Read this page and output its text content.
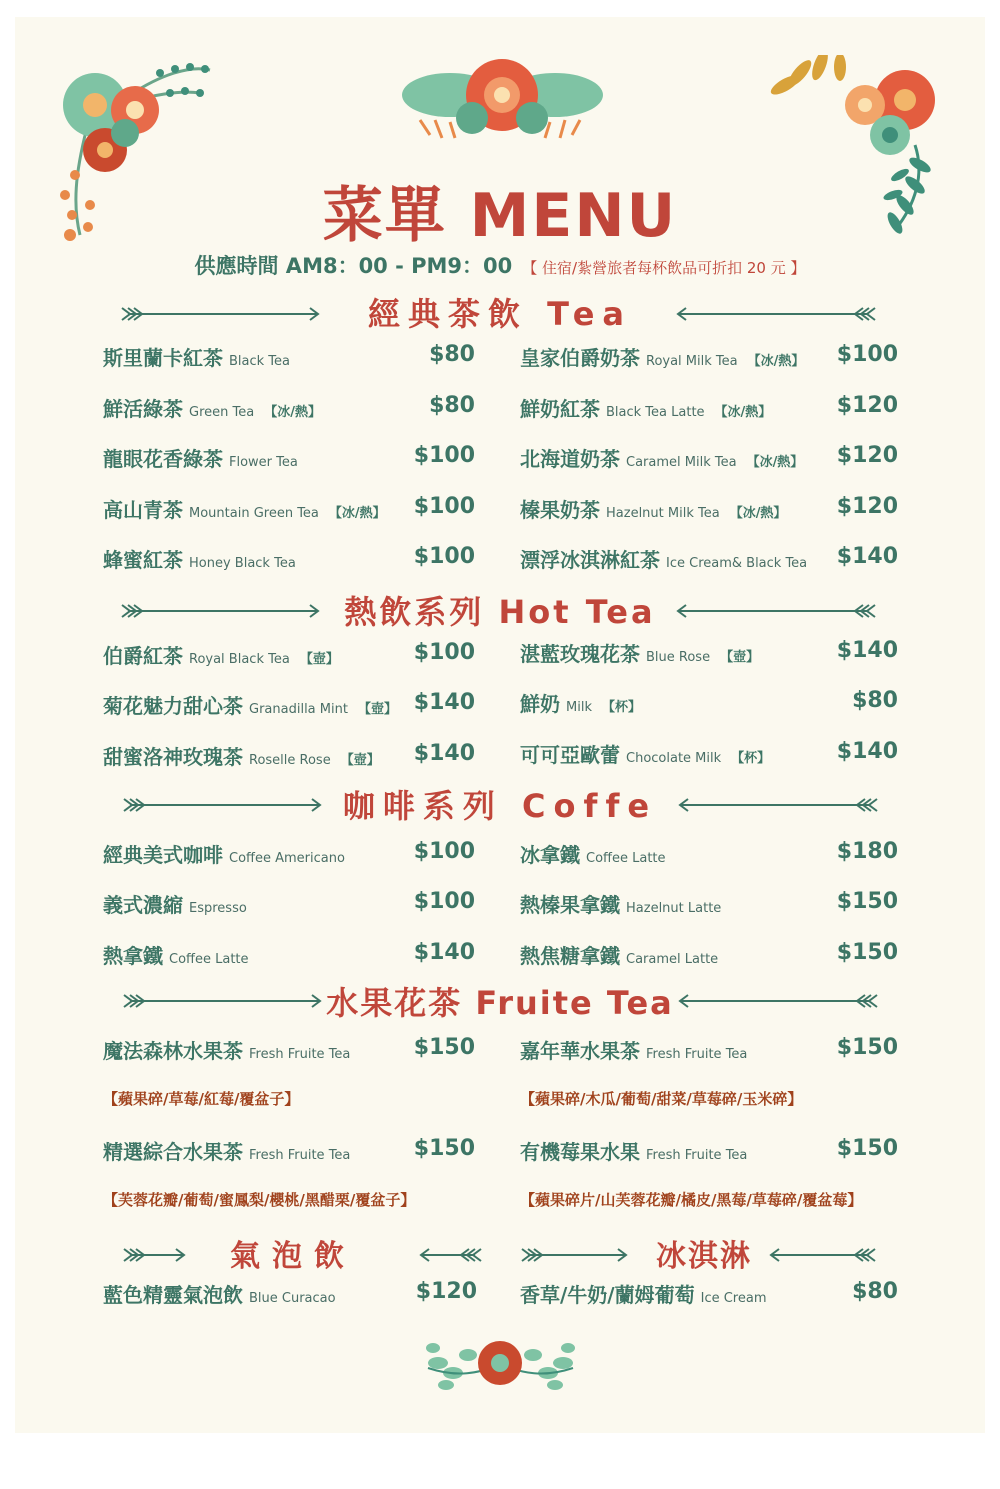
菜單 MENU
供應時間 AM8：00 - PM9：00 【 住宿/紮營旅者每杯飲品可折扣 20 元 】
經典茶飲 Tea
斯里蘭卡紅茶 Black Tea	$80
鮮活綠茶 Green Tea 【冰/熱】	$80
龍眼花香綠茶 Flower Tea	$100
高山青茶 Mountain Green Tea 【冰/熱】	$100
蜂蜜紅茶 Honey Black Tea	$100
皇家伯爵奶茶 Royal Milk Tea 【冰/熱】	$100
鮮奶紅茶 Black Tea Latte 【冰/熱】	$120
北海道奶茶 Caramel Milk Tea 【冰/熱】	$120
榛果奶茶 Hazelnut Milk Tea 【冰/熱】	$120
漂浮冰淇淋紅茶 Ice Cream& Black Tea	$140
熱飲系列 Hot Tea
伯爵紅茶 Royal Black Tea 【壺】	$100
菊花魅力甜心茶 Granadilla Mint 【壺】 $140
甜蜜洛神玫瑰茶 Roselle Rose 【壺】	$140
湛藍玫瑰花茶 Blue Rose 【壺】	$140
鮮奶 Milk 【杯】	$80
可可亞歐蕾 Chocolate Milk 【杯】	$140
咖啡系列 Coffe
經典美式咖啡 Coffee Americano	$100
義式濃縮 Espresso	$100
熱拿鐵 Coffee Latte	$140
冰拿鐵 Coffee Latte	$180
熱榛果拿鐵 Hazelnut Latte	$150
熱焦糖拿鐵 Caramel Latte	$150
水果花茶 Fruite Tea
魔法森林水果茶 Fresh Fruite Tea	$150
【蘋果碎/草莓/紅莓/覆盆子】
精選綜合水果茶 Fresh Fruite Tea	$150
【芙蓉花瓣/葡萄/蜜鳳梨/櫻桃/黑醋栗/覆盆子】
嘉年華水果茶 Fresh Fruite Tea	$150
【蘋果碎/木瓜/葡萄/甜菜/草莓碎/玉米碎】
有機莓果水果 Fresh Fruite Tea	$150
【蘋果碎片/山芙蓉花瓣/橘皮/黑莓/草莓碎/覆盆莓】
氣泡飲	冰淇淋
藍色精靈氣泡飲 Blue Curacao	$120 香草/牛奶/蘭姆葡萄 Ice Cream	$80
